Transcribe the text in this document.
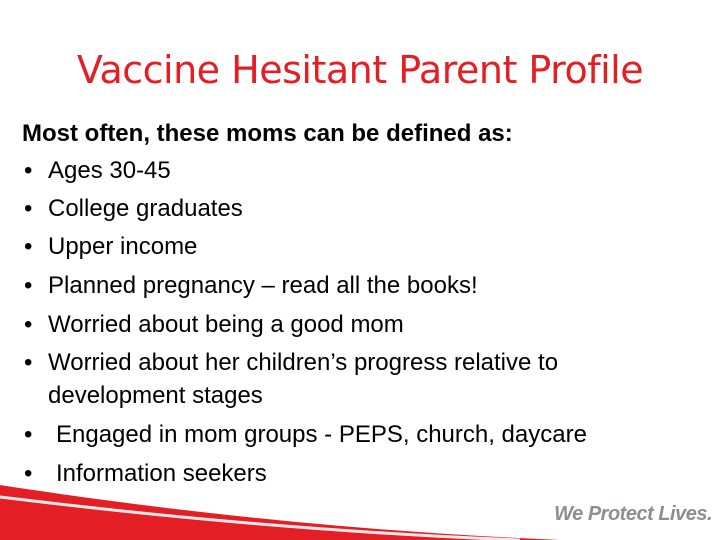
Vaccine Hesitant Parent Profile
Most often, these moms can be defined as:
• Ages 30-45
• College graduates
• Upper income
• Planned pregnancy – read all the books!
• Worried about being a good mom
• Worried about her children’s progress relative to
development stages
• Engaged in mom groups - PEPS, church, daycare
• Information seekers
We Protect Lives.
